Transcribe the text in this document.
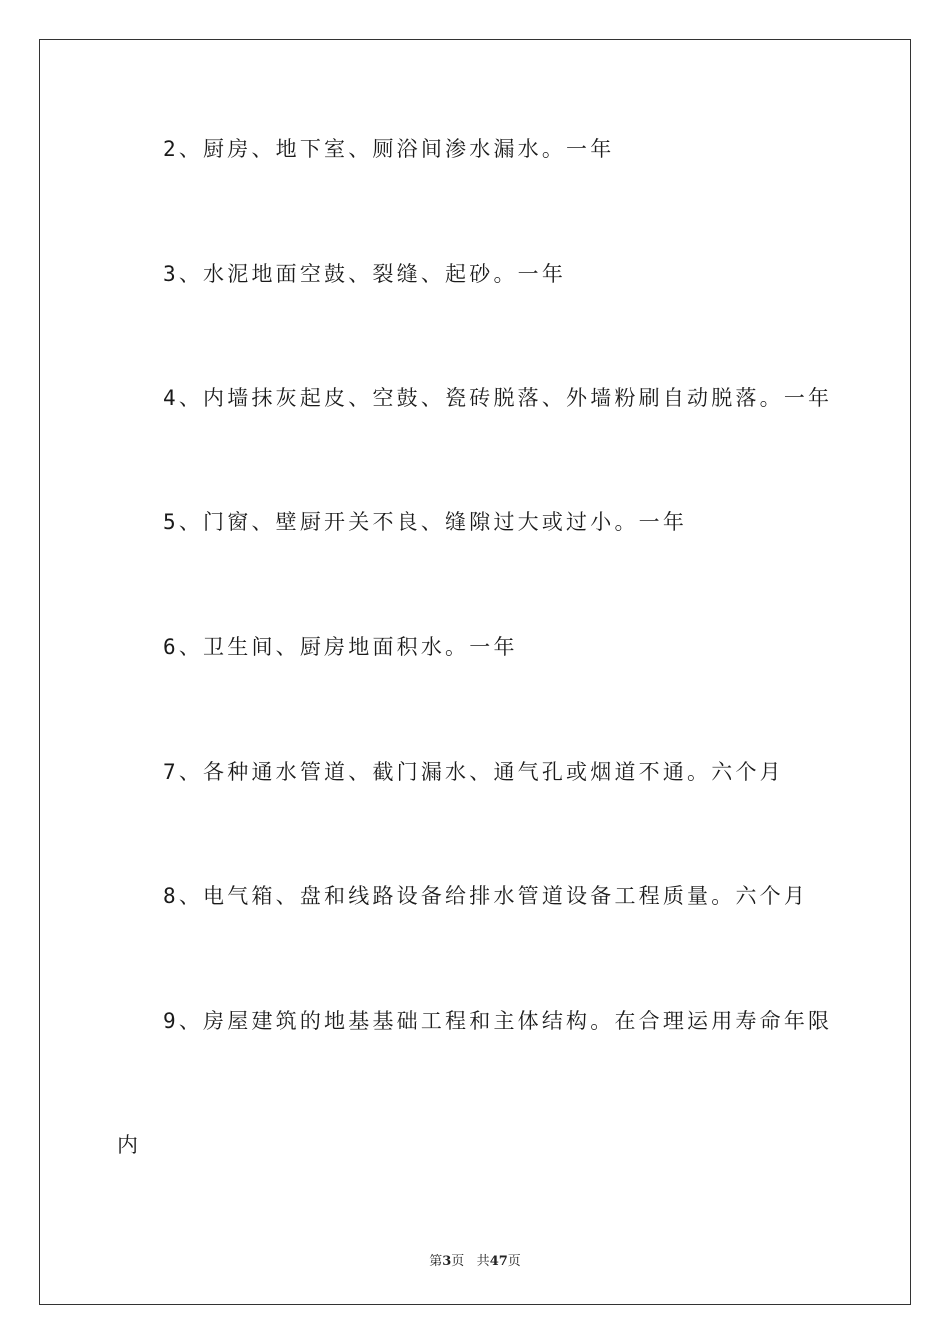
2、厨房、地下室、厕浴间渗水漏水。一年
3、水泥地面空鼓、裂缝、起砂。一年
4、内墙抹灰起皮、空鼓、瓷砖脱落、外墙粉刷自动脱落。一年
5、门窗、壁厨开关不良、缝隙过大或过小。一年
6、卫生间、厨房地面积水。一年
7、各种通水管道、截门漏水、通气孔或烟道不通。六个月
8、电气箱、盘和线路设备给排水管道设备工程质量。六个月
9、房屋建筑的地基基础工程和主体结构。在合理运用寿命年限
内
第3页 共47页
